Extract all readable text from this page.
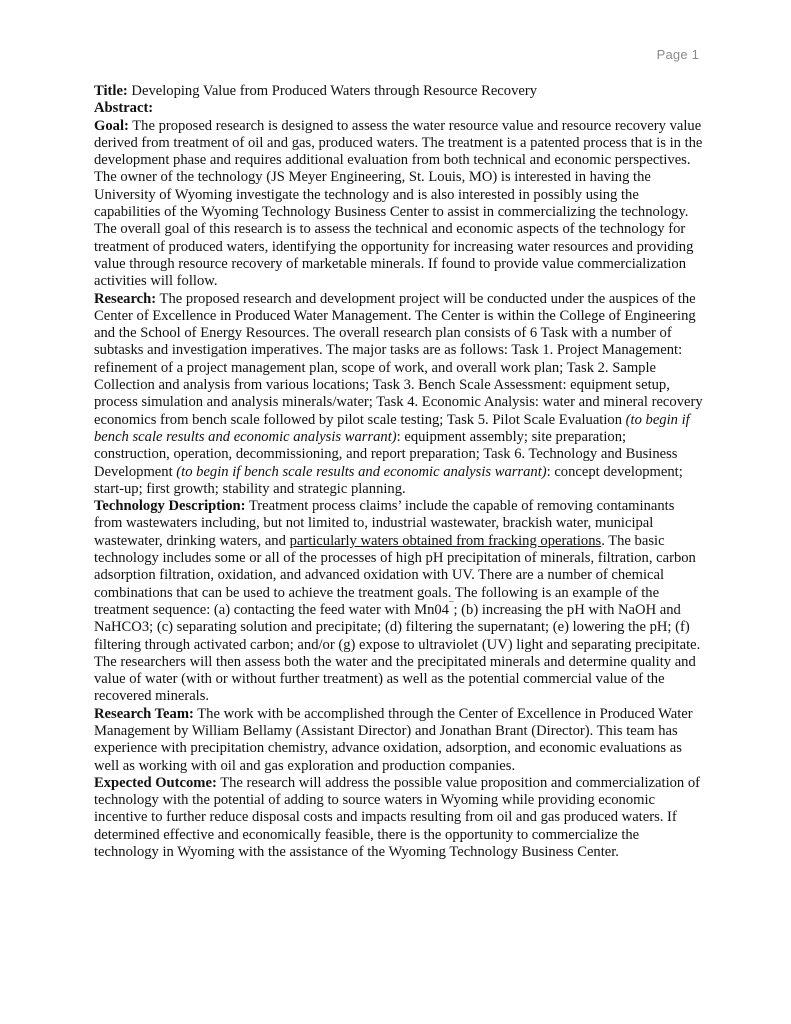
Page 1

Title: Developing Value from Produced Waters through Resource Recovery

Abstract:

Goal: The proposed research is designed to assess the water resource value and resource recovery value derived from treatment of oil and gas, produced waters. The treatment is a patented process that is in the development phase and requires additional evaluation from both technical and economic perspectives. The owner of the technology (JS Meyer Engineering, St. Louis, MO) is interested in having the University of Wyoming investigate the technology and is also interested in possibly using the capabilities of the Wyoming Technology Business Center to assist in commercializing the technology. The overall goal of this research is to assess the technical and economic aspects of the technology for treatment of produced waters, identifying the opportunity for increasing water resources and providing value through resource recovery of marketable minerals. If found to provide value commercialization activities will follow.

Research: The proposed research and development project will be conducted under the auspices of the Center of Excellence in Produced Water Management. The Center is within the College of Engineering and the School of Energy Resources. The overall research plan consists of 6 Task with a number of subtasks and investigation imperatives. The major tasks are as follows: Task 1. Project Management: refinement of a project management plan, scope of work, and overall work plan; Task 2. Sample Collection and analysis from various locations; Task 3. Bench Scale Assessment: equipment setup, process simulation and analysis minerals/water; Task 4. Economic Analysis: water and mineral recovery economics from bench scale followed by pilot scale testing; Task 5. Pilot Scale Evaluation (to begin if bench scale results and economic analysis warrant): equipment assembly; site preparation; construction, operation, decommissioning, and report preparation; Task 6. Technology and Business Development (to begin if bench scale results and economic analysis warrant): concept development; start-up; first growth; stability and strategic planning.

Technology Description: Treatment process claims’ include the capable of removing contaminants from wastewaters including, but not limited to, industrial wastewater, brackish water, municipal wastewater, drinking waters, and particularly waters obtained from fracking operations. The basic technology includes some or all of the processes of high pH precipitation of minerals, filtration, carbon adsorption filtration, oxidation, and advanced oxidation with UV. There are a number of chemical combinations that can be used to achieve the treatment goals. The following is an example of the treatment sequence: (a) contacting the feed water with Mn04¯; (b) increasing the pH with NaOH and NaHCO3; (c) separating solution and precipitate; (d) filtering the supernatant; (e) lowering the pH; (f) filtering through activated carbon; and/or (g) expose to ultraviolet (UV) light and separating precipitate. The researchers will then assess both the water and the precipitated minerals and determine quality and value of water (with or without further treatment) as well as the potential commercial value of the recovered minerals.

Research Team: The work with be accomplished through the Center of Excellence in Produced Water Management by William Bellamy (Assistant Director) and Jonathan Brant (Director). This team has experience with precipitation chemistry, advance oxidation, adsorption, and economic evaluations as well as working with oil and gas exploration and production companies.

Expected Outcome: The research will address the possible value proposition and commercialization of technology with the potential of adding to source waters in Wyoming while providing economic incentive to further reduce disposal costs and impacts resulting from oil and gas produced waters. If determined effective and economically feasible, there is the opportunity to commercialize the technology in Wyoming with the assistance of the Wyoming Technology Business Center.
